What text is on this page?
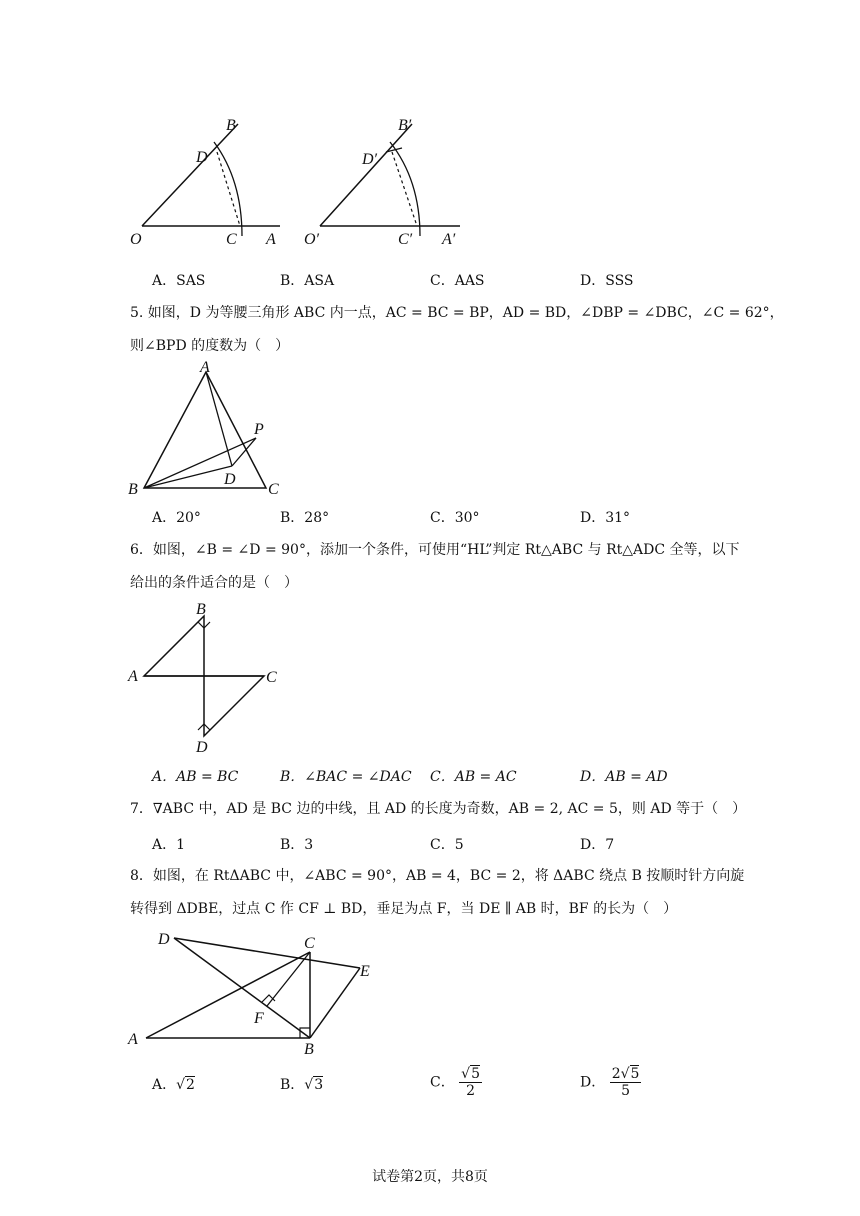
B
D
O	C A
B′
D′
O′	C′ A′
A．SAS	B．ASA	C．AAS	D．SSS
5. 如图，D 为等腰三角形 ABC 内一点，AC = BC = BP，AD = BD，∠DBP = ∠DBC，∠C = 62°，
则∠BPD 的度数为（　）
A
P
D
B	C
A．20°	B．28°	C．30°	D．31°
6．如图，∠B = ∠D = 90°，添加一个条件，可使用“HL”判定 Rt△ABC 与 Rt△ADC 全等，以下
给出的条件适合的是（　）
B
A	C
D
A．AB = BC	B．∠BAC = ∠DAC C．AB = AC	D．AB = AD
7．∇ABC 中，AD 是 BC 边的中线，且 AD 的长度为奇数，AB = 2, AC = 5，则 AD 等于（　）
A．1	B．3	C．5	D．7
8．如图，在 RtΔABC 中，∠ABC = 90°，AB = 4，BC = 2，将 ΔABC 绕点 B 按顺时针方向旋
转得到 ΔDBE，过点 C 作 CF ⊥ BD，垂足为点 F，当 DE ∥ AB 时，BF 的长为（　）
D	C
E
F
A
B
A．√2	B．√3	C． $\frac{√5}{2}$	D． $\frac{2√5}{5}$
试卷第2页，共8页
